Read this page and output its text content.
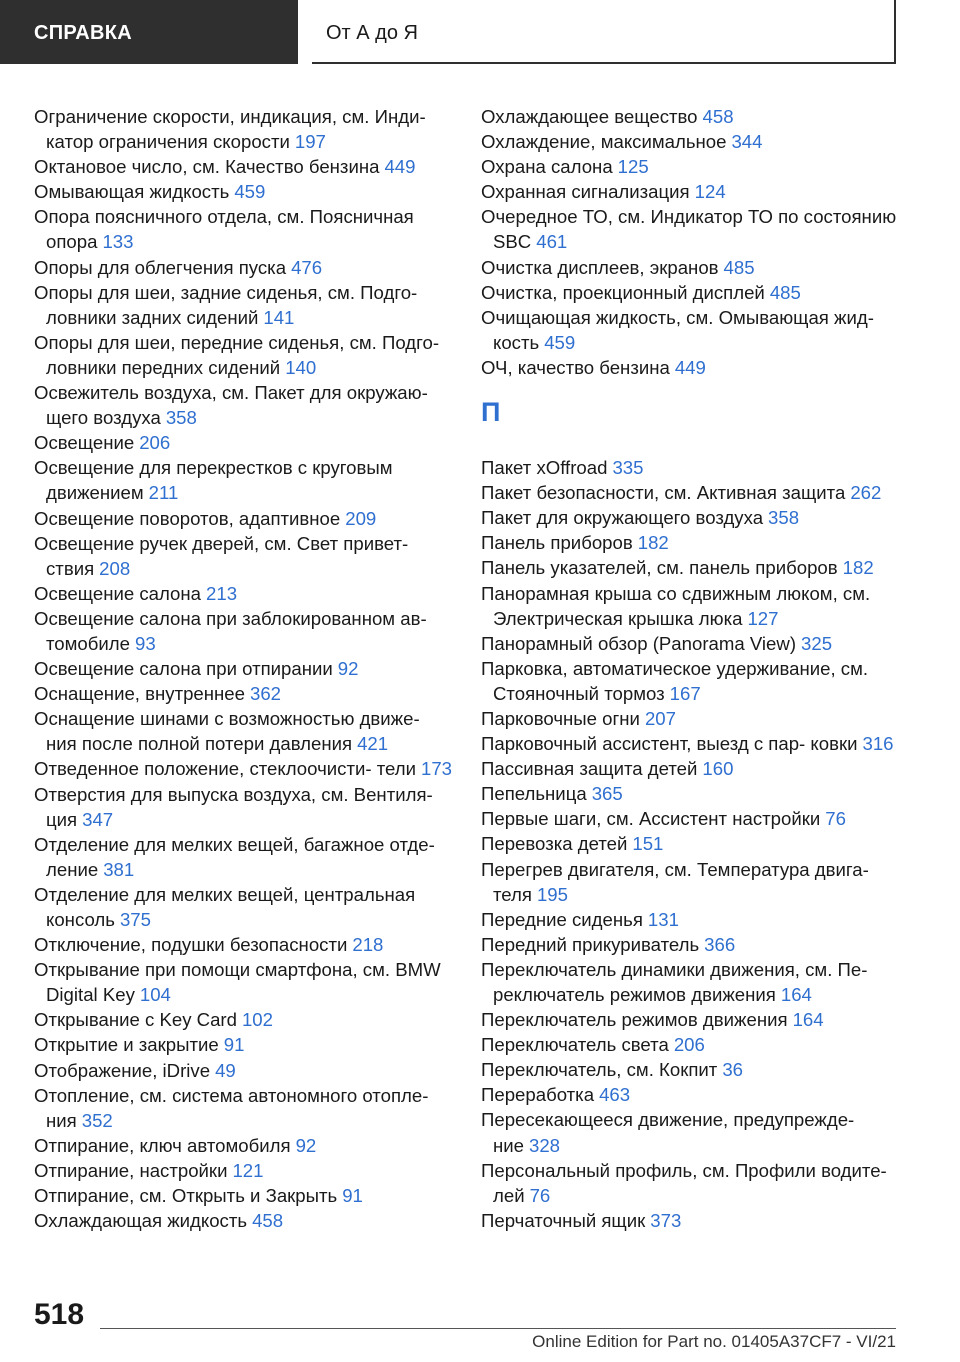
СПРАВКА	От А до Я

Ограничение скорости, индикация, см. Инди- катор ограничения скорости 197

Октановое число, см. Качество бензина 449

Омывающая жидкость 459

Опора поясничного отдела, см. Поясничная опора 133

Опоры для облегчения пуска 476

Опоры для шеи, задние сиденья, см. Подго- ловники задних сидений 141

Опоры для шеи, передние сиденья, см. Подго- ловники передних сидений 140

Освежитель воздуха, см. Пакет для окружаю- щего воздуха 358

Освещение 206

Освещение для перекрестков с круговым движением 211

Освещение поворотов, адаптивное 209

Освещение ручек дверей, см. Свет привет- ствия 208

Освещение салона 213

Освещение салона при заблокированном ав- томобиле 93

Освещение салона при отпирании 92

Оснащение, внутреннее 362

Оснащение шинами с возможностью движе- ния после полной потери давления 421

Отведенное положение, стеклоочисти- тели 173

Отверстия для выпуска воздуха, см. Вентиля- ция 347

Отделение для мелких вещей, багажное отде- ление 381

Отделение для мелких вещей, центральная консоль 375

Отключение, подушки безопасности 218

Открывание при помощи смартфона, см. BMW Digital Key 104

Открывание с Key Card 102

Открытие и закрытие 91

Отображение, iDrive 49

Отопление, см. система автономного отопле- ния 352

Отпирание, ключ автомобиля 92

Отпирание, настройки 121

Отпирание, см. Открыть и Закрыть 91

Охлаждающая жидкость 458

Охлаждающее вещество 458

Охлаждение, максимальное 344

Охрана салона 125

Охранная сигнализация 124

Очередное ТО, см. Индикатор ТО по состоянию SBC 461

Очистка дисплеев, экранов 485

Очистка, проекционный дисплей 485

Очищающая жидкость, см. Омывающая жид- кость 459

ОЧ, качество бензина 449

П

Пакет xOffroad 335

Пакет безопасности, см. Активная защита 262

Пакет для окружающего воздуха 358

Панель приборов 182

Панель указателей, см. панель приборов 182

Панорамная крыша со сдвижным люком, см. Электрическая крышка люка 127

Панорамный обзор (Panorama View) 325

Парковка, автоматическое удерживание, см. Стояночный тормоз 167

Парковочные огни 207

Парковочный ассистент, выезд с пар- ковки 316

Пассивная защита детей 160

Пепельница 365

Первые шаги, см. Ассистент настройки 76

Перевозка детей 151

Перегрев двигателя, см. Температура двига- теля 195

Передние сиденья 131

Передний прикуриватель 366

Переключатель динамики движения, см. Пе- реключатель режимов движения 164

Переключатель режимов движения 164

Переключатель света 206

Переключатель, см. Кокпит 36

Переработка 463

Пересекающееся движение, предупрежде- ние 328

Персональный профиль, см. Профили водите- лей 76

Перчаточный ящик 373

518
Online Edition for Part no. 01405A37CF7 - VI/21
